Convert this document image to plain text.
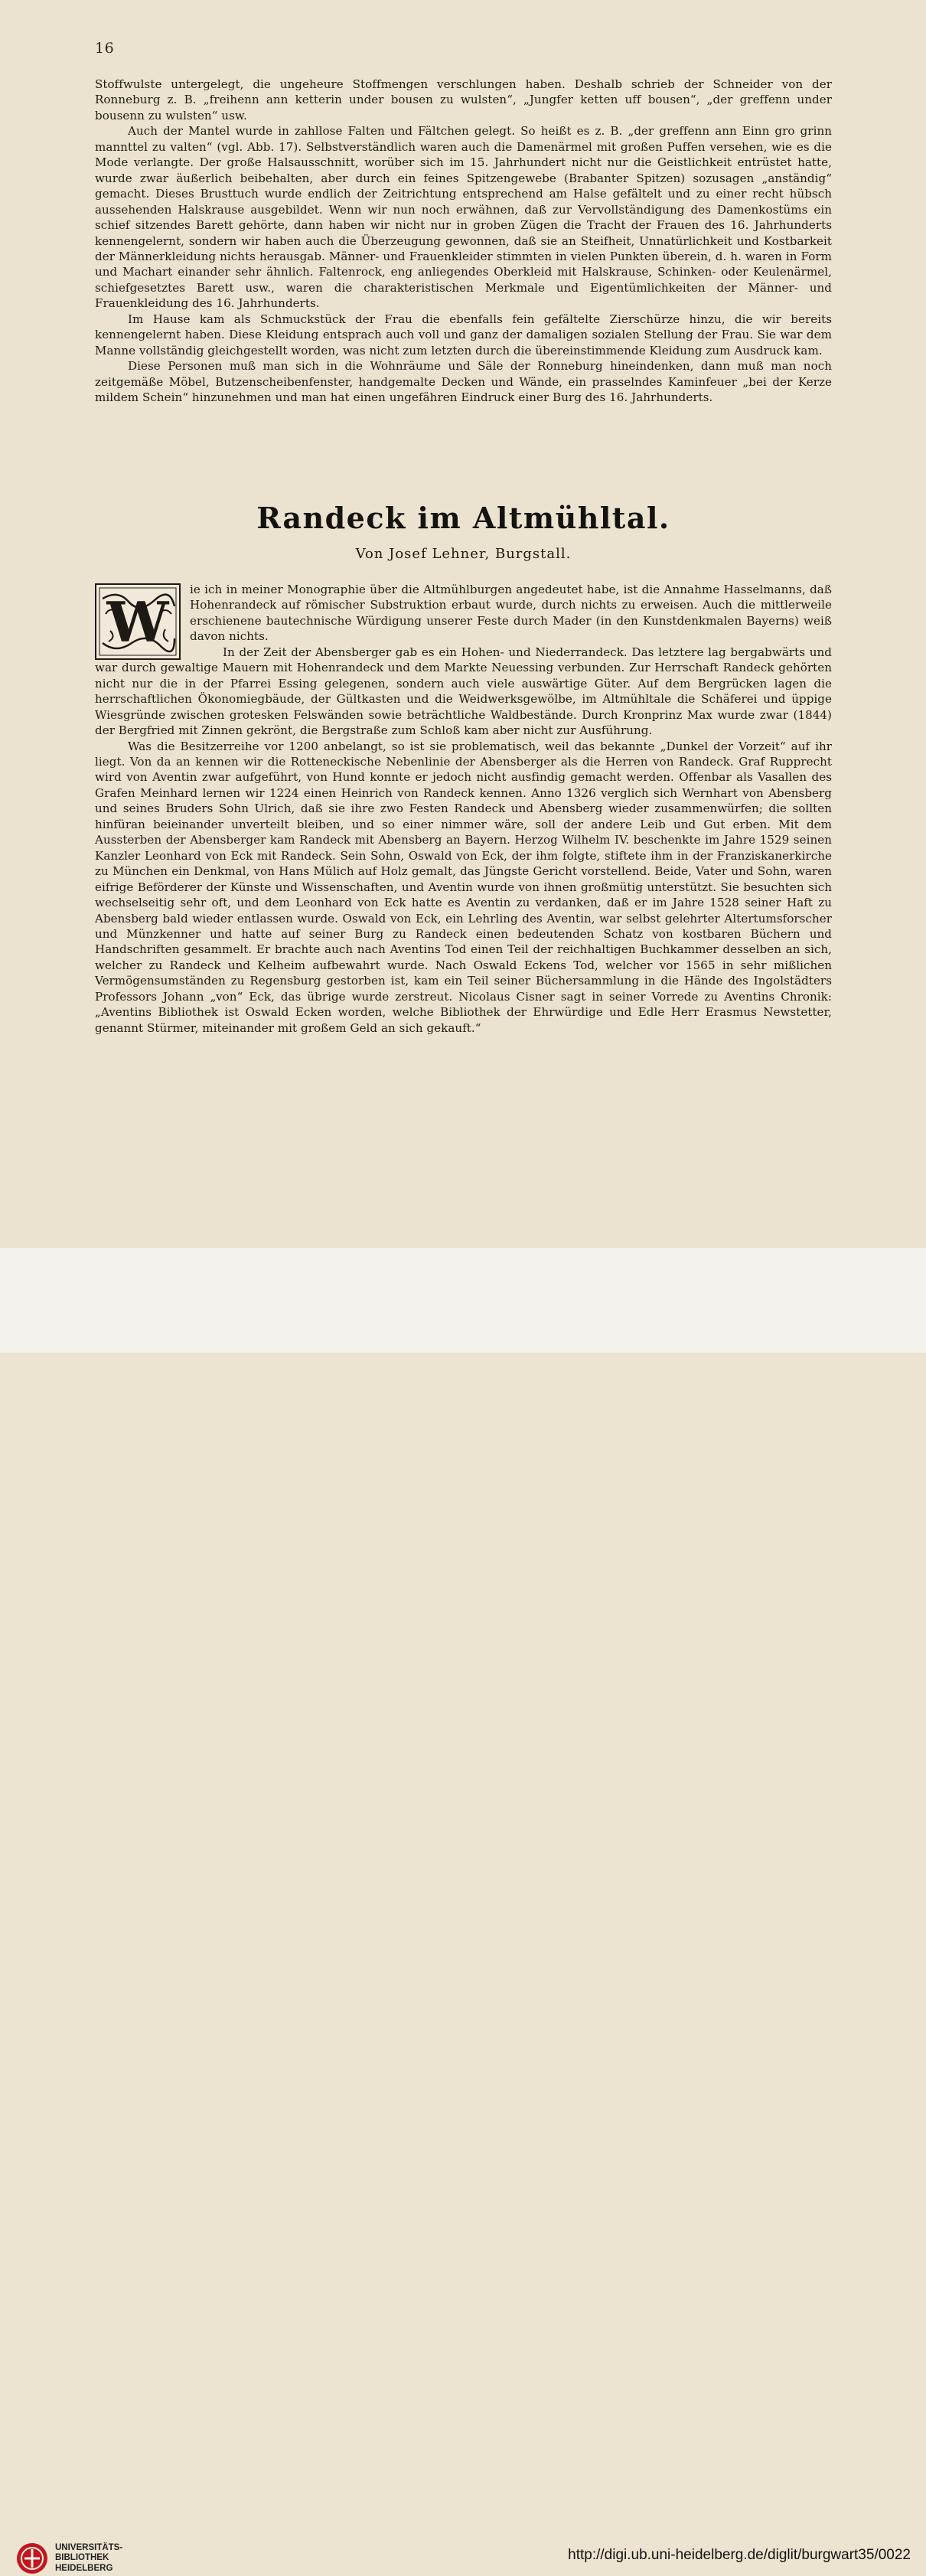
16

Stoffwulste untergelegt, die ungeheure Stoffmengen verschlungen haben. Deshalb schrieb der Schneider von der Ronneburg z. B. „freihenn ann ketterin under bousen zu wulsten“, „Jungfer ketten uff bousen“, „der greffenn under bousenn zu wulsten“ usw.

Auch der Mantel wurde in zahllose Falten und Fältchen gelegt. So heißt es z. B. „der greffenn ann Einn gro grinn mannttel zu valten“ (vgl. Abb. 17). Selbstverständlich waren auch die Damenärmel mit großen Puffen versehen, wie es die Mode verlangte. Der große Halsausschnitt, worüber sich im 15. Jahrhundert nicht nur die Geistlichkeit entrüstet hatte, wurde zwar äußerlich beibehalten, aber durch ein feines Spitzengewebe (Brabanter Spitzen) sozusagen „anständig“ gemacht. Dieses Brusttuch wurde endlich der Zeitrichtung entsprechend am Halse gefältelt und zu einer recht hübsch aussehenden Halskrause ausgebildet. Wenn wir nun noch erwähnen, daß zur Vervollständigung des Damenkostüms ein schief sitzendes Barett gehörte, dann haben wir nicht nur in groben Zügen die Tracht der Frauen des 16. Jahrhunderts kennengelernt, sondern wir haben auch die Überzeugung gewonnen, daß sie an Steifheit, Unnatürlichkeit und Kostbarkeit der Männerkleidung nichts herausgab. Männer- und Frauenkleider stimmten in vielen Punkten überein, d. h. waren in Form und Machart einander sehr ähnlich. Faltenrock, eng anliegendes Oberkleid mit Halskrause, Schinken- oder Keulenärmel, schiefgesetztes Barett usw., waren die charakteristischen Merkmale und Eigentümlichkeiten der Männer- und Frauenkleidung des 16. Jahrhunderts.

Im Hause kam als Schmuckstück der Frau die ebenfalls fein gefältelte Zierschürze hinzu, die wir bereits kennengelernt haben. Diese Kleidung entsprach auch voll und ganz der damaligen sozialen Stellung der Frau. Sie war dem Manne vollständig gleichgestellt worden, was nicht zum letzten durch die übereinstimmende Kleidung zum Ausdruck kam.

Diese Personen muß man sich in die Wohnräume und Säle der Ronneburg hineindenken, dann muß man noch zeitgemäße Möbel, Butzenscheibenfenster, handgemalte Decken und Wände, ein prasselndes Kaminfeuer „bei der Kerze mildem Schein“ hinzunehmen und man hat einen ungefähren Eindruck einer Burg des 16. Jahrhunderts.

Randeck im Altmühltal.
Von Josef Lehner, Burgstall.
W	ie ich in meiner Monographie über die Altmühlburgen angedeutet habe, ist die Annahme Hasselmanns, daß Hohenrandeck auf römischer Substruktion erbaut wurde, durch nichts zu erweisen. Auch die mittlerweile erschienene bautechnische Würdigung unserer Feste durch Mader (in den Kunstdenkmalen Bayerns) weiß davon nichts.

In der Zeit der Abensberger gab es ein Hohen- und Niederrandeck. Das letztere lag bergabwärts und war durch gewaltige Mauern mit Hohenrandeck und dem Markte Neuessing verbunden. Zur Herrschaft Randeck gehörten nicht nur die in der Pfarrei Essing gelegenen, sondern auch viele auswärtige Güter. Auf dem Bergrücken lagen die herrschaftlichen Ökonomiegbäude, der Gültkasten und die Weidwerksgewölbe, im Altmühltale die Schäferei und üppige Wiesgründe zwischen grotesken Felswänden sowie beträchtliche Waldbestände. Durch Kronprinz Max wurde zwar (1844) der Bergfried mit Zinnen gekrönt, die Bergstraße zum Schloß kam aber nicht zur Ausführung.

Was die Besitzerreihe vor 1200 anbelangt, so ist sie problematisch, weil das bekannte „Dunkel der Vorzeit“ auf ihr liegt. Von da an kennen wir die Rotteneckische Nebenlinie der Abensberger als die Herren von Randeck. Graf Rupprecht wird von Aventin zwar aufgeführt, von Hund konnte er jedoch nicht ausfindig gemacht werden. Offenbar als Vasallen des Grafen Meinhard lernen wir 1224 einen Heinrich von Randeck kennen. Anno 1326 verglich sich Wernhart von Abensberg und seines Bruders Sohn Ulrich, daß sie ihre zwo Festen Randeck und Abensberg wieder zusammenwürfen; die sollten hinfüran beieinander unverteilt bleiben, und so einer nimmer wäre, soll der andere Leib und Gut erben. Mit dem Aussterben der Abensberger kam Randeck mit Abensberg an Bayern. Herzog Wilhelm IV. beschenkte im Jahre 1529 seinen Kanzler Leonhard von Eck mit Randeck. Sein Sohn, Oswald von Eck, der ihm folgte, stiftete ihm in der Franziskanerkirche zu München ein Denkmal, von Hans Mülich auf Holz gemalt, das Jüngste Gericht vorstellend. Beide, Vater und Sohn, waren eifrige Beförderer der Künste und Wissenschaften, und Aventin wurde von ihnen großmütig unterstützt. Sie besuchten sich wechselseitig sehr oft, und dem Leonhard von Eck hatte es Aventin zu verdanken, daß er im Jahre 1528 seiner Haft zu Abensberg bald wieder entlassen wurde. Oswald von Eck, ein Lehrling des Aventin, war selbst gelehrter Altertumsforscher und Münzkenner und hatte auf seiner Burg zu Randeck einen bedeutenden Schatz von kostbaren Büchern und Handschriften gesammelt. Er brachte auch nach Aventins Tod einen Teil der reichhaltigen Buchkammer desselben an sich, welcher zu Randeck und Kelheim aufbewahrt wurde. Nach Oswald Eckens Tod, welcher vor 1565 in sehr mißlichen Vermögensumständen zu Regensburg gestorben ist, kam ein Teil seiner Büchersammlung in die Hände des Ingolstädters Professors Johann „von“ Eck, das übrige wurde zerstreut. Nicolaus Cisner sagt in seiner Vorrede zu Aventins Chronik: „Aventins Bibliothek ist Oswald Ecken worden, welche Bibliothek der Ehrwürdige und Edle Herr Erasmus Newstetter, genannt Stürmer, miteinander mit großem Geld an sich gekauft.“

UNIVERSITÄTS-
BIBLIOTHEK
HEIDELBERG
http://digi.ub.uni-heidelberg.de/diglit/burgwart35/0022
